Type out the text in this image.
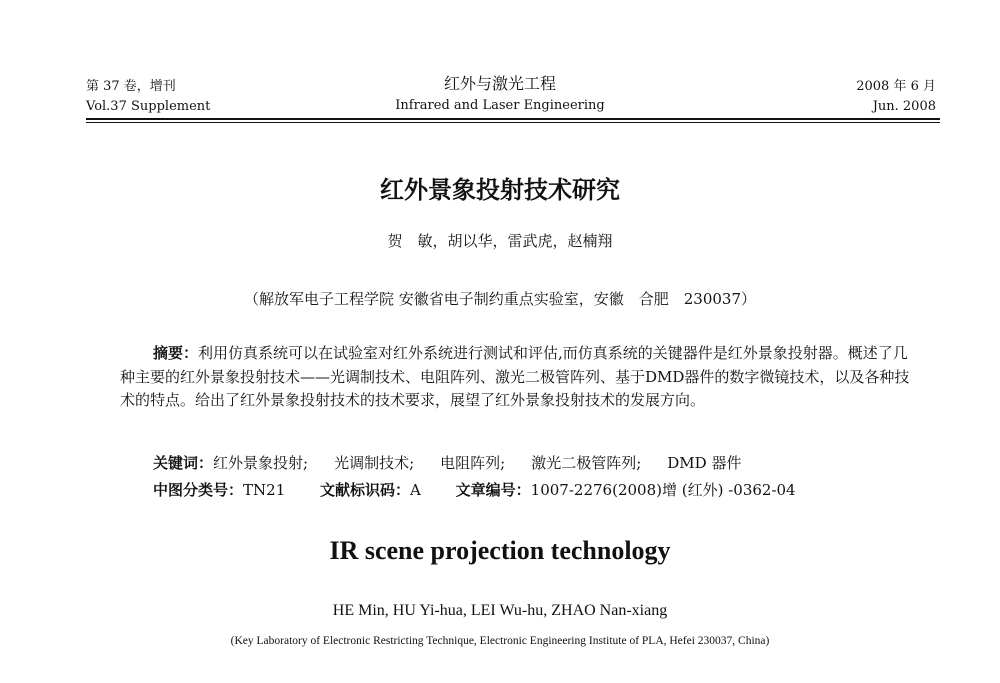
第 37 卷，增刊
Vol.37 Supplement
红外与激光工程
Infrared and Laser Engineering
2008 年 6 月
Jun. 2008
红外景象投射技术研究
贺　敏，胡以华，雷武虎，赵楠翔
（解放军电子工程学院 安徽省电子制约重点实验室，安徽　合肥　230037）
摘要：利用仿真系统可以在试验室对红外系统进行测试和评估,而仿真系统的关键器件是红外景象投射器。概述了几种主要的红外景象投射技术——光调制技术、电阻阵列、激光二极管阵列、基于DMD器件的数字微镜技术，以及各种技术的特点。给出了红外景象投射技术的技术要求，展望了红外景象投射技术的发展方向。
关键词：红外景象投射; 光调制技术; 电阻阵列; 激光二极管阵列; DMD 器件
中图分类号：TN21 文献标识码：A 文章编号：1007-2276(2008)增 (红外) -0362-04
IR scene projection technology
HE Min, HU Yi-hua, LEI Wu-hu, ZHAO Nan-xiang
(Key Laboratory of Electronic Restricting Technique, Electronic Engineering Institute of PLA, Hefei 230037, China)
